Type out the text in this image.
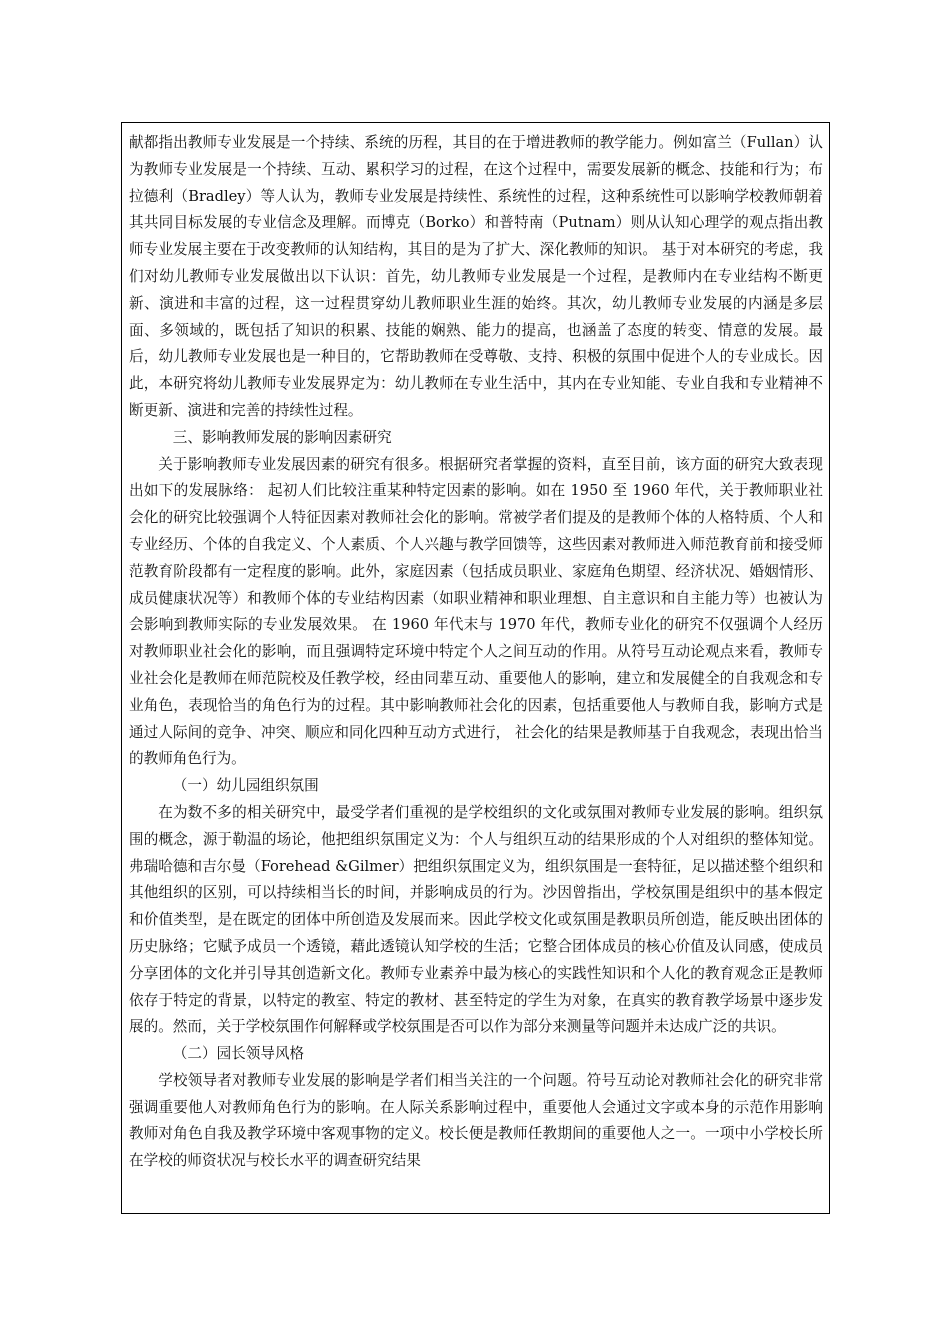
献都指出教师专业发展是一个持续、系统的历程，其目的在于增进教师的教学能力。例如富兰（Fullan）认为教师专业发展是一个持续、互动、累积学习的过程，在这个过程中，需要发展新的概念、技能和行为；布拉德利（Bradley）等人认为，教师专业发展是持续性、系统性的过程，这种系统性可以影响学校教师朝着其共同目标发展的专业信念及理解。而博克（Borko）和普特南（Putnam）则从认知心理学的观点指出教师专业发展主要在于改变教师的认知结构，其目的是为了扩大、深化教师的知识。 基于对本研究的考虑，我们对幼儿教师专业发展做出以下认识：首先，幼儿教师专业发展是一个过程，是教师内在专业结构不断更新、演进和丰富的过程，这一过程贯穿幼儿教师职业生涯的始终。其次，幼儿教师专业发展的内涵是多层面、多领域的，既包括了知识的积累、技能的娴熟、能力的提高，也涵盖了态度的转变、情意的发展。最后，幼儿教师专业发展也是一种目的，它帮助教师在受尊敬、支持、积极的氛围中促进个人的专业成长。因此，本研究将幼儿教师专业发展界定为：幼儿教师在专业生活中，其内在专业知能、专业自我和专业精神不断更新、演进和完善的持续性过程。

三、影响教师发展的影响因素研究

关于影响教师专业发展因素的研究有很多。根据研究者掌握的资料，直至目前，该方面的研究大致表现出如下的发展脉络： 起初人们比较注重某种特定因素的影响。如在 1950 至 1960 年代，关于教师职业社会化的研究比较强调个人特征因素对教师社会化的影响。常被学者们提及的是教师个体的人格特质、个人和专业经历、个体的自我定义、个人素质、个人兴趣与教学回馈等，这些因素对教师进入师范教育前和接受师范教育阶段都有一定程度的影响。此外，家庭因素（包括成员职业、家庭角色期望、经济状况、婚姻情形、成员健康状况等）和教师个体的专业结构因素（如职业精神和职业理想、自主意识和自主能力等）也被认为会影响到教师实际的专业发展效果。 在 1960 年代末与 1970 年代，教师专业化的研究不仅强调个人经历对教师职业社会化的影响，而且强调特定环境中特定个人之间互动的作用。从符号互动论观点来看，教师专业社会化是教师在师范院校及任教学校，经由同辈互动、重要他人的影响，建立和发展健全的自我观念和专业角色，表现恰当的角色行为的过程。其中影响教师社会化的因素，包括重要他人与教师自我，影响方式是通过人际间的竞争、冲突、顺应和同化四种互动方式进行， 社会化的结果是教师基于自我观念，表现出恰当的教师角色行为。

（一）幼儿园组织氛围

在为数不多的相关研究中，最受学者们重视的是学校组织的文化或氛围对教师专业发展的影响。组织氛围的概念，源于勒温的场论，他把组织氛围定义为：个人与组织互动的结果形成的个人对组织的整体知觉。弗瑞哈德和吉尔曼（Forehead &Gilmer）把组织氛围定义为，组织氛围是一套特征，足以描述整个组织和其他组织的区别，可以持续相当长的时间，并影响成员的行为。沙因曾指出，学校氛围是组织中的基本假定和价值类型，是在既定的团体中所创造及发展而来。因此学校文化或氛围是教职员所创造，能反映出团体的历史脉络；它赋予成员一个透镜，藉此透镜认知学校的生活；它整合团体成员的核心价值及认同感，使成员分享团体的文化并引导其创造新文化。教师专业素养中最为核心的实践性知识和个人化的教育观念正是教师依存于特定的背景，以特定的教室、特定的教材、甚至特定的学生为对象，在真实的教育教学场景中逐步发展的。然而，关于学校氛围作何解释或学校氛围是否可以作为部分来测量等问题并未达成广泛的共识。

（二）园长领导风格

学校领导者对教师专业发展的影响是学者们相当关注的一个问题。符号互动论对教师社会化的研究非常强调重要他人对教师角色行为的影响。在人际关系影响过程中，重要他人会通过文字或本身的示范作用影响教师对角色自我及教学环境中客观事物的定义。校长便是教师任教期间的重要他人之一。一项中小学校长所在学校的师资状况与校长水平的调查研究结果
